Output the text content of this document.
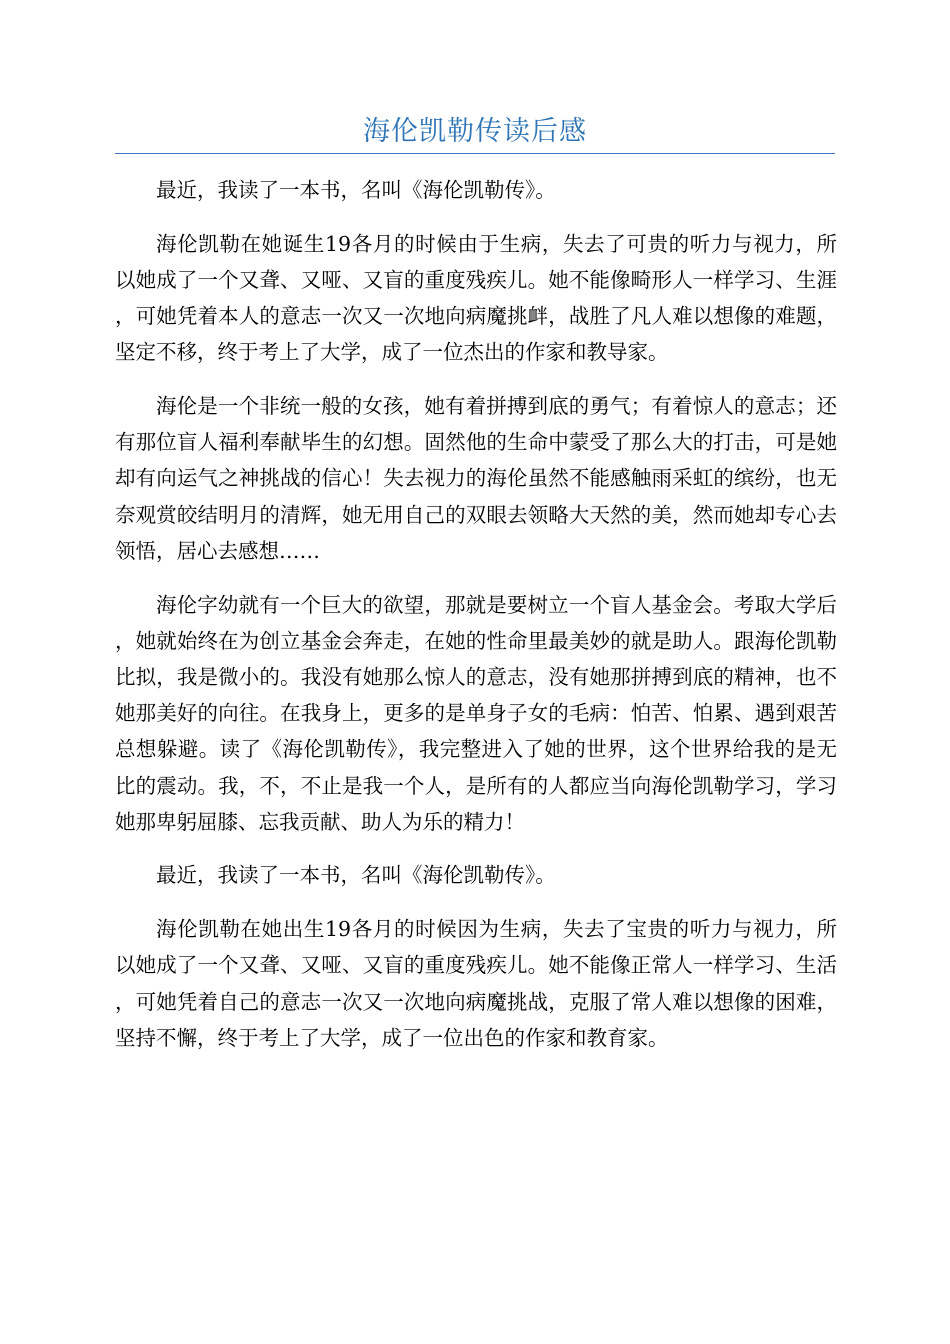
海伦凯勒传读后感

最近，我读了一本书，名叫《海伦凯勒传》。

海伦凯勒在她诞生19各月的时候由于生病，失去了可贵的听力与视力，所以她成了一个又聋、又哑、又盲的重度残疾儿。她不能像畸形人一样学习、生涯，可她凭着本人的意志一次又一次地向病魔挑衅，战胜了凡人难以想像的难题，坚定不移，终于考上了大学，成了一位杰出的作家和教导家。

海伦是一个非统一般的女孩，她有着拼搏到底的勇气；有着惊人的意志；还有那位盲人福利奉献毕生的幻想。固然他的生命中蒙受了那么大的打击，可是她却有向运气之神挑战的信心！失去视力的海伦虽然不能感触雨采虹的缤纷，也无奈观赏皎结明月的清辉，她无用自己的双眼去领略大天然的美，然而她却专心去领悟，居心去感想……

海伦字幼就有一个巨大的欲望，那就是要树立一个盲人基金会。考取大学后，她就始终在为创立基金会奔走，在她的性命里最美妙的就是助人。跟海伦凯勒比拟，我是微小的。我没有她那么惊人的意志，没有她那拼搏到底的精神，也不她那美好的向往。在我身上，更多的是单身子女的毛病：怕苦、怕累、遇到艰苦总想躲避。读了《海伦凯勒传》，我完整进入了她的世界，这个世界给我的是无比的震动。我，不，不止是我一个人，是所有的人都应当向海伦凯勒学习，学习她那卑躬屈膝、忘我贡献、助人为乐的精力！

最近，我读了一本书，名叫《海伦凯勒传》。

海伦凯勒在她出生19各月的时候因为生病，失去了宝贵的听力与视力，所以她成了一个又聋、又哑、又盲的重度残疾儿。她不能像正常人一样学习、生活，可她凭着自己的意志一次又一次地向病魔挑战，克服了常人难以想像的困难，坚持不懈，终于考上了大学，成了一位出色的作家和教育家。
